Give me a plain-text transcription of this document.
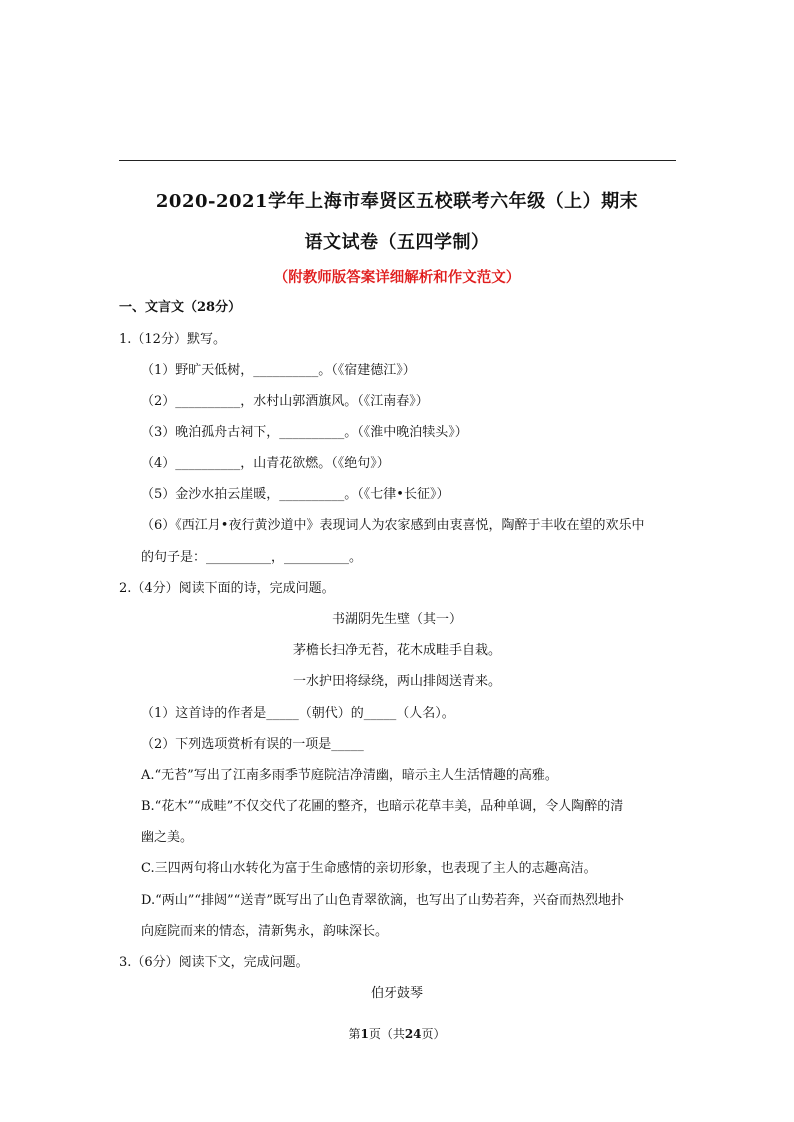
2020-2021学年上海市奉贤区五校联考六年级（上）期末
语文试卷（五四学制）
（附教师版答案详细解析和作文范文）
一、文言文（28分）
1.（12分）默写。
（1）野旷天低树，__________。（《宿建德江》）
（2）__________，水村山郭酒旗风。（《江南春》）
（3）晚泊孤舟古祠下，__________。（《淮中晚泊犊头》）
（4）__________，山青花欲燃。（《绝句》）
（5）金沙水拍云崖暖，__________。（《七律•长征》）
（6）《西江月•夜行黄沙道中》表现词人为农家感到由衷喜悦，陶醉于丰收在望的欢乐中
的句子是：__________，__________。
2.（4分）阅读下面的诗，完成问题。
书湖阴先生壁（其一）
茅檐长扫净无苔，花木成畦手自栽。
一水护田将绿绕，两山排闼送青来。
（1）这首诗的作者是_____（朝代）的_____（人名）。
（2）下列选项赏析有误的一项是_____
A.“无苔”写出了江南多雨季节庭院洁净清幽，暗示主人生活情趣的高雅。
B.“花木”“成畦”不仅交代了花圃的整齐，也暗示花草丰美，品种单调，令人陶醉的清
幽之美。
C.三四两句将山水转化为富于生命感情的亲切形象，也表现了主人的志趣高洁。
D.“两山”“排闼”“送青”既写出了山色青翠欲滴，也写出了山势若奔，兴奋而热烈地扑
向庭院而来的情态，清新隽永，韵味深长。
3.（6分）阅读下文，完成问题。
伯牙鼓琴
第1页（共24页）
